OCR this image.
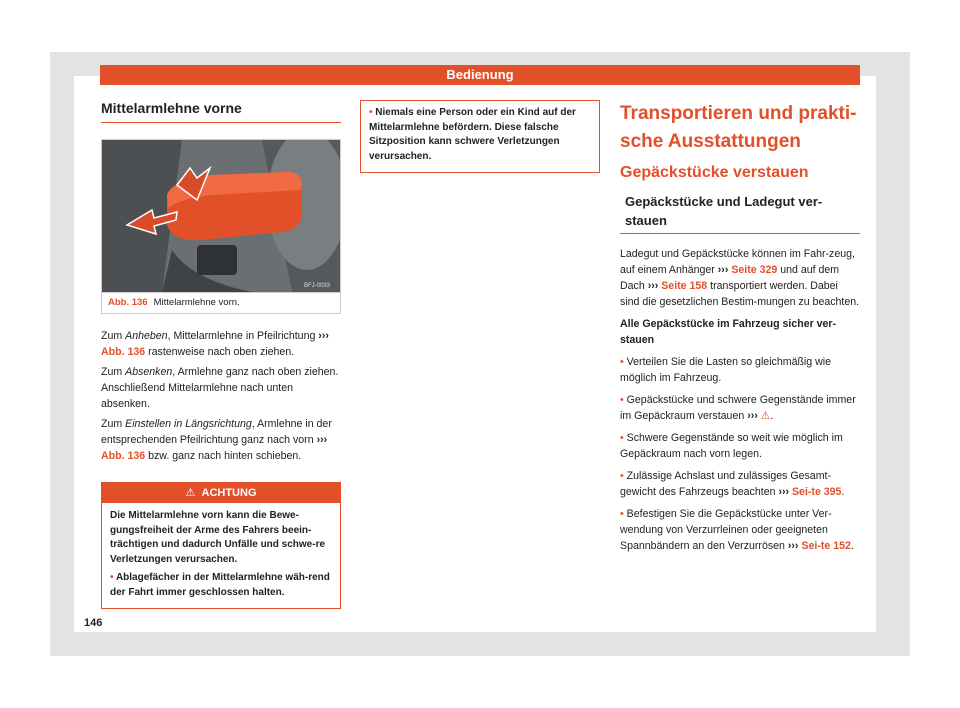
Bedienung
Mittelarmlehne vorne
BFJ-0093
Abb. 136 Mittelarmlehne vorn.

Zum Anheben, Mittelarmlehne in Pfeilrichtung ››› Abb. 136 rastenweise nach oben ziehen.

Zum Absenken, Armlehne ganz nach oben ziehen. Anschließend Mittelarmlehne nach unten absenken.

Zum Einstellen in Längsrichtung, Armlehne in der entsprechenden Pfeilrichtung ganz nach vorn ››› Abb. 136 bzw. ganz nach hinten schieben.

⚠ ACHTUNG

Die Mittelarmlehne vorn kann die Bewe-gungsfreiheit der Arme des Fahrers beein-trächtigen und dadurch Unfälle und schwe-re Verletzungen verursachen.

• Ablagefächer in der Mittelarmlehne wäh-rend der Fahrt immer geschlossen halten.

• Niemals eine Person oder ein Kind auf der Mittelarmlehne befördern. Diese falsche Sitzposition kann schwere Verletzungen verursachen.
Transportieren und prakti-sche Ausstattungen
Gepäckstücke verstauen
Gepäckstücke und Ladegut ver-stauen

Ladegut und Gepäckstücke können im Fahr-zeug, auf einem Anhänger ››› Seite 329 und auf dem Dach ››› Seite 158 transportiert werden. Dabei sind die gesetzlichen Bestim-mungen zu beachten.

Alle Gepäckstücke im Fahrzeug sicher ver-stauen

• Verteilen Sie die Lasten so gleichmäßig wie möglich im Fahrzeug.

• Gepäckstücke und schwere Gegenstände immer im Gepäckraum verstauen ››› ⚠.

• Schwere Gegenstände so weit wie möglich im Gepäckraum nach vorn legen.

• Zulässige Achslast und zulässiges Gesamt-gewicht des Fahrzeugs beachten ››› Sei-te 395.

• Befestigen Sie die Gepäckstücke unter Ver-wendung von Verzurrleinen oder geeigneten Spannbändern an den Verzurrösen ››› Sei-te 152.

146
